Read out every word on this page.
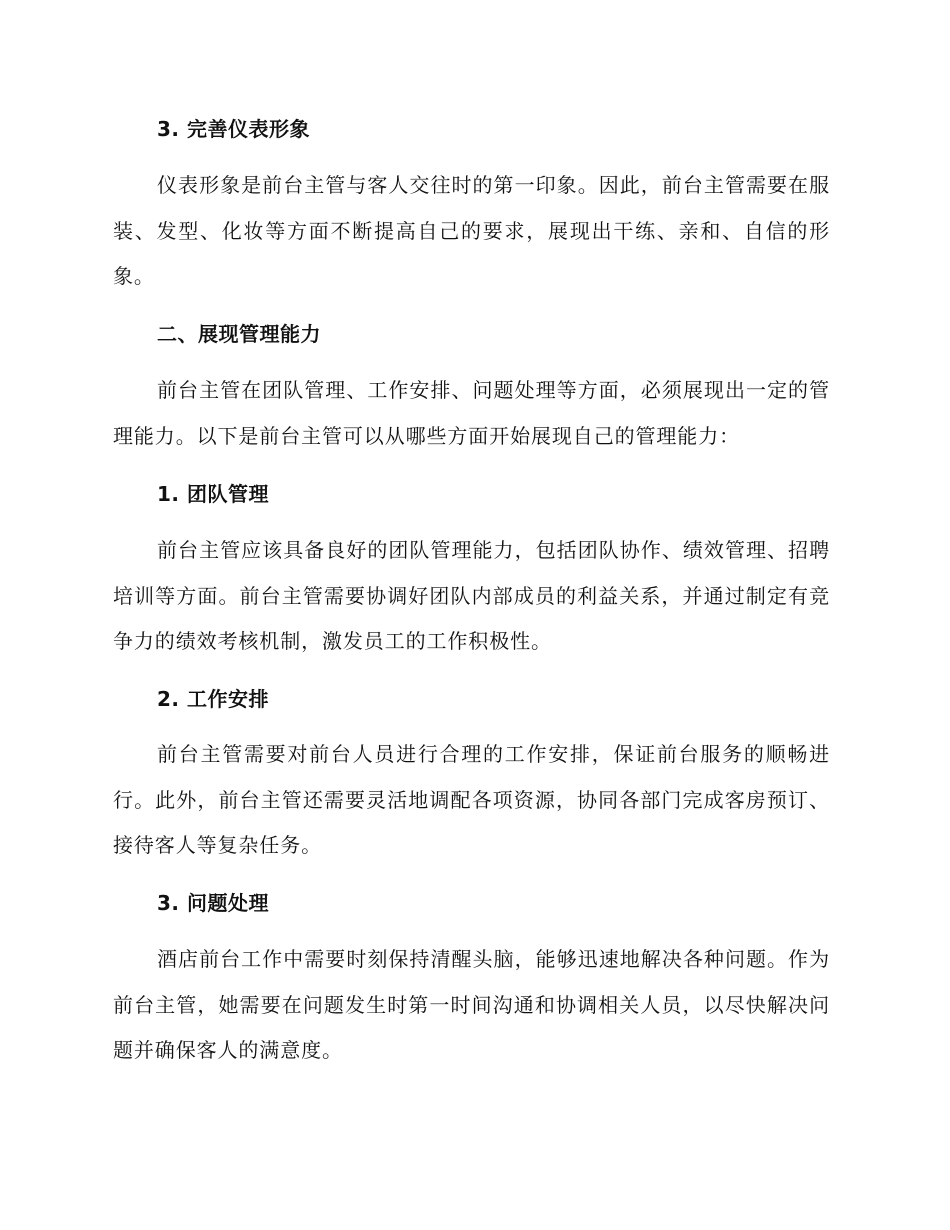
3. 完善仪表形象

仪表形象是前台主管与客人交往时的第一印象。因此，前台主管需要在服装、发型、化妆等方面不断提高自己的要求，展现出干练、亲和、自信的形象。

二、展现管理能力

前台主管在团队管理、工作安排、问题处理等方面，必须展现出一定的管理能力。以下是前台主管可以从哪些方面开始展现自己的管理能力：

1. 团队管理

前台主管应该具备良好的团队管理能力，包括团队协作、绩效管理、招聘培训等方面。前台主管需要协调好团队内部成员的利益关系，并通过制定有竞争力的绩效考核机制，激发员工的工作积极性。

2. 工作安排

前台主管需要对前台人员进行合理的工作安排，保证前台服务的顺畅进行。此外，前台主管还需要灵活地调配各项资源，协同各部门完成客房预订、接待客人等复杂任务。

3. 问题处理

酒店前台工作中需要时刻保持清醒头脑，能够迅速地解决各种问题。作为前台主管，她需要在问题发生时第一时间沟通和协调相关人员，以尽快解决问题并确保客人的满意度。
